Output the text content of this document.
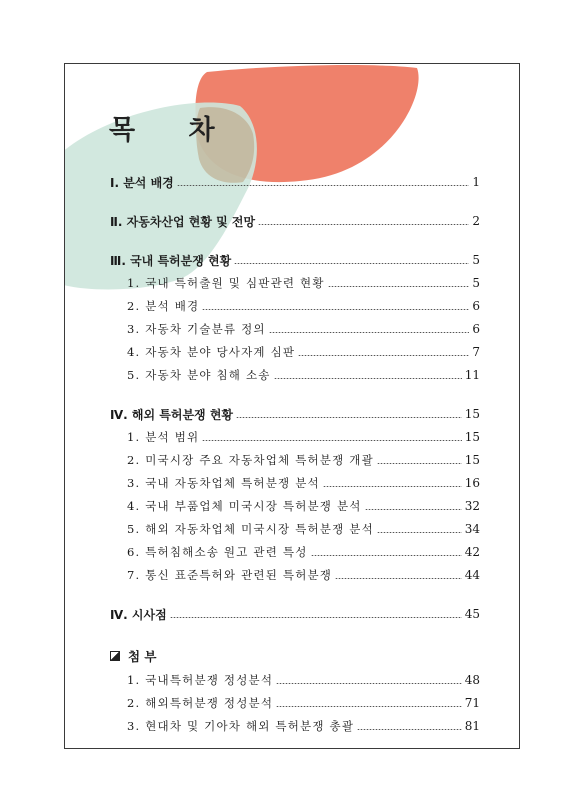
목 차
Ⅰ. 분석 배경	1
Ⅱ. 자동차산업 현황 및 전망	2
Ⅲ. 국내 특허분쟁 현황	5
1. 국내 특허출원 및 심판관련 현황	5
2. 분석 배경	6
3. 자동차 기술분류 정의	6
4. 자동차 분야 당사자계 심판	7
5. 자동차 분야 침해 소송	11
Ⅳ. 해외 특허분쟁 현황	15
1. 분석 범위	15
2. 미국시장 주요 자동차업체 특허분쟁 개괄	15
3. 국내 자동차업체 특허분쟁 분석	16
4. 국내 부품업체 미국시장 특허분쟁 분석	32
5. 해외 자동차업체 미국시장 특허분쟁 분석	34
6. 특허침해소송 원고 관련 특성	42
7. 통신 표준특허와 관련된 특허분쟁	44
Ⅳ. 시사점	45
첨 부
1. 국내특허분쟁 정성분석	48
2. 해외특허분쟁 정성분석	71
3. 현대차 및 기아차 해외 특허분쟁 총괄	81
